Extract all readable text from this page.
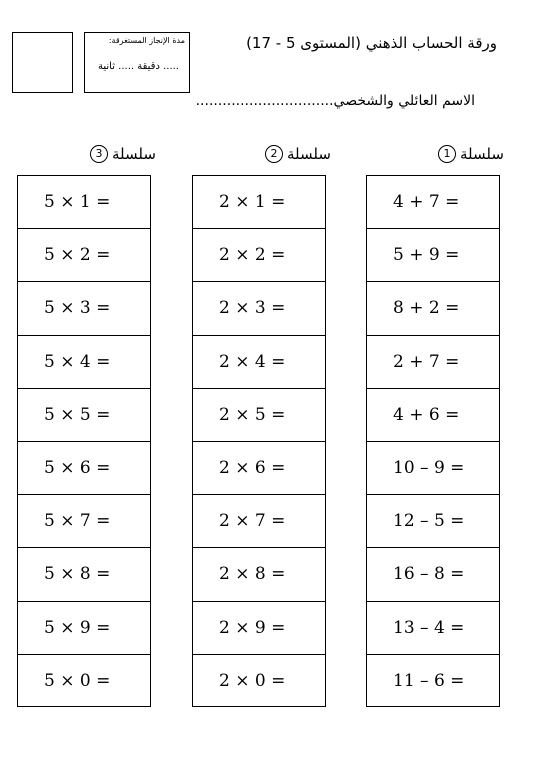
مدة الإنجاز المستغرقة:
..... دقيقة ..... ثانية
ورقة الحساب الذهني (المستوى 5 - 17)
الاسم العائلي والشخصي...............................
سلسلة
3	سلسلة
2	سلسلة
1
5 × 1 =
5 × 2 =
5 × 3 =
5 × 4 =
5 × 5 =
5 × 6 =
5 × 7 =
5 × 8 =
5 × 9 =
5 × 0 =
2 × 1 =
2 × 2 =
2 × 3 =
2 × 4 =
2 × 5 =
2 × 6 =
2 × 7 =
2 × 8 =
2 × 9 =
2 × 0 =
4 + 7 =
5 + 9 =
8 + 2 =
2 + 7 =
4 + 6 =
10 – 9 =
12 – 5 =
16 – 8 =
13 – 4 =
11 – 6 =
